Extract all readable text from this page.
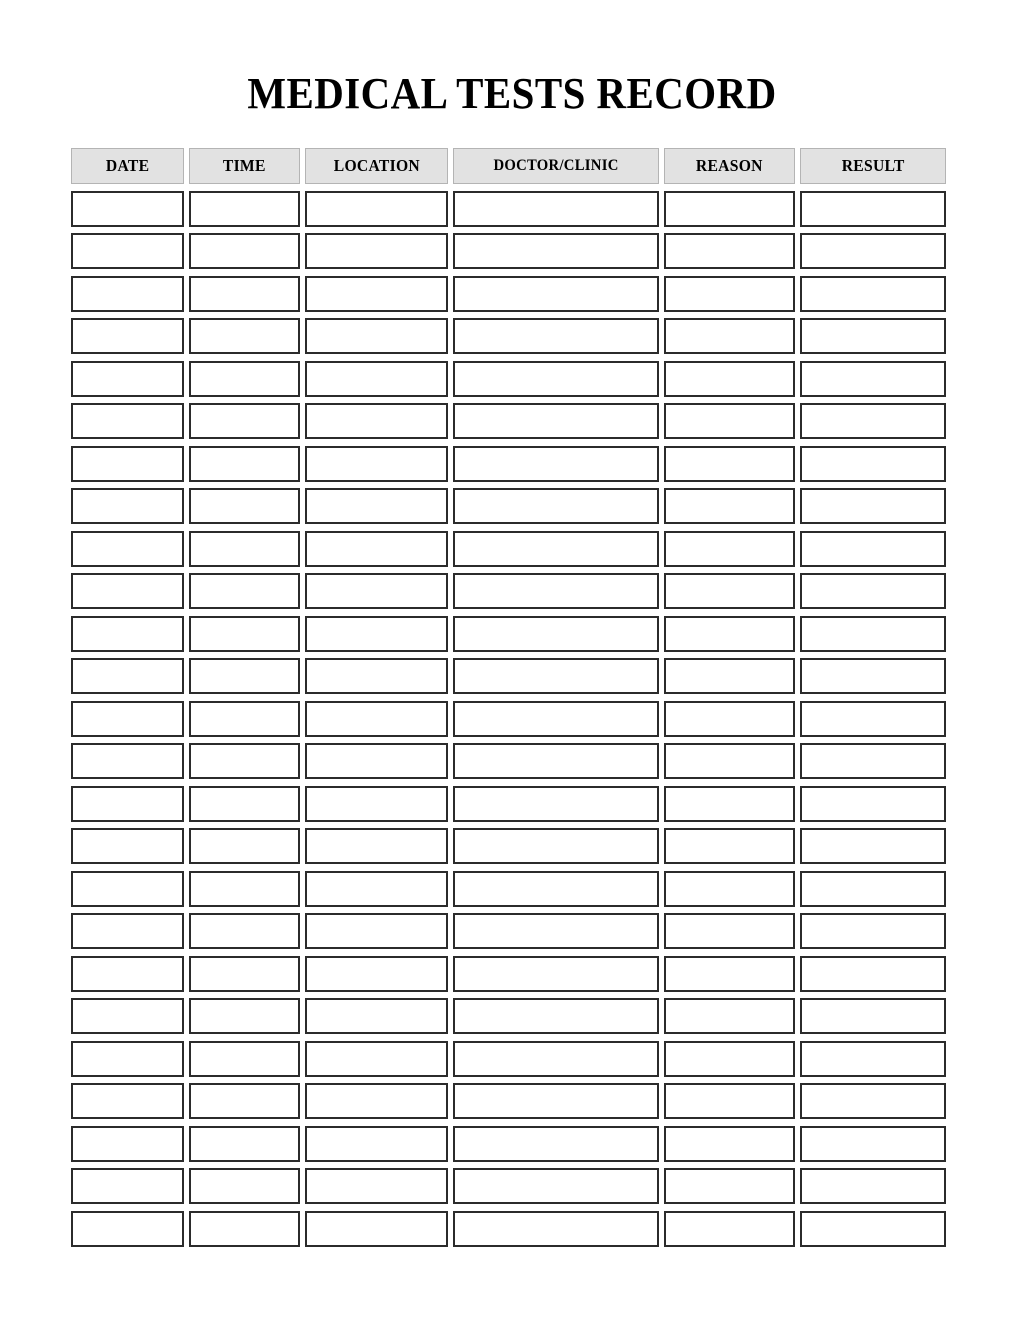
MEDICAL TESTS RECORD
DATE	TIME	LOCATION	DOCTOR/CLINIC	REASON	RESULT
